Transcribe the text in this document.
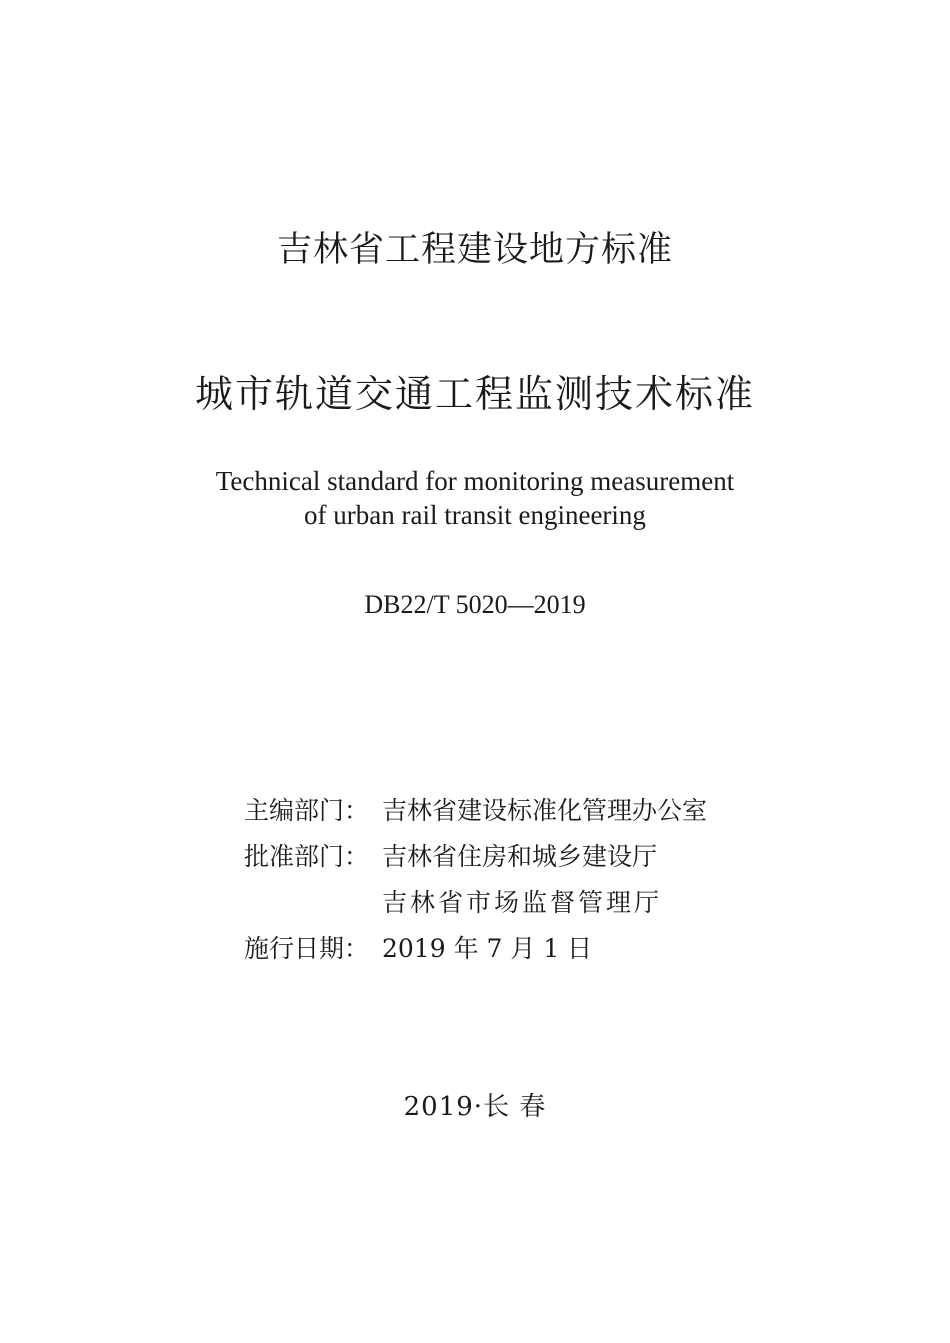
吉林省工程建设地方标准
城市轨道交通工程监测技术标准
Technical standard for monitoring measurement
of urban rail transit engineering
DB22/T 5020—2019
主编部门： 吉林省建设标准化管理办公室
批准部门： 吉林省住房和城乡建设厅
吉林省市场监督管理厅
施行日期： 2019 年 7 月 1 日
2019·长 春
